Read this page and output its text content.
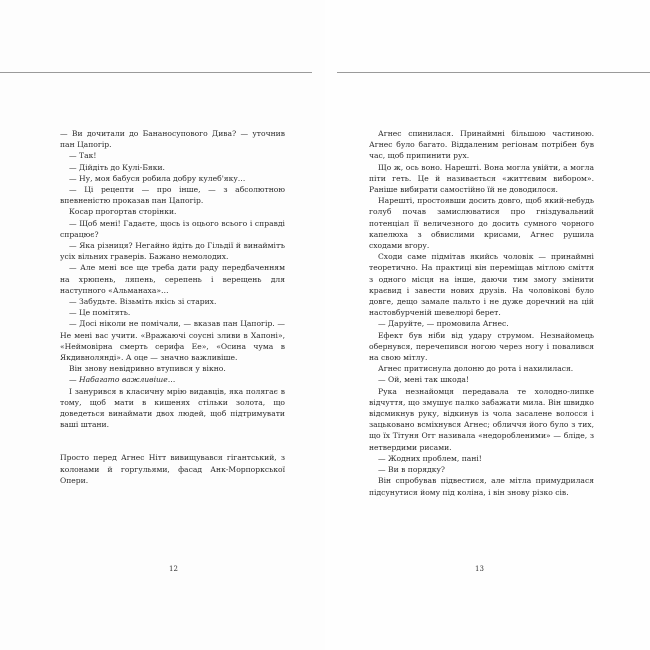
— Ви дочитали до Бананосупового Дива? — уточнив пан Цапогір.

— Так!

— Дійдіть до Кулі-Бяки.

— Ну, моя бабуся робила добру кулеб'яку…

— Ці рецепти — про інше, — з абсолютною впевненістю проказав пан Цапогір.

Косар прогортав сторінки.

— Щоб мені! Гадаєте, щось із оцього всього і справді спрацює?

— Яка різниця? Негайно йдіть до Гільдії й винаймітъ усіх вільних граверів. Бажано немолодих.

— Але мені все ще треба дати раду передбаченням на хрюпень, ляпень, серепень і верещень для наступного «Альманаха»…

— Забудьте. Візьміть якісь зі старих.

— Це помітять.

— Досі ніколи не помічали, — вказав пан Цапогір. — Не мені вас учити. «Вражаючі соусні зливи в Хапоні», «Неймовірна смерть серифа Ее», «Осина чума в Якдивнолянді». А оце — значно важливіше.

Він знову невідривно втупився у вікно.

— Набагато важливіше…

І занурився в класичну мрію видавців, яка полягає в тому, щоб мати в кишенях стільки золота, що доведеться винаймати двох людей, щоб підтримувати ваші штани.

Просто перед Агнес Нітт вивищувався гігантський, з колонами й горгульями, фасад Анк-Морпоркської Опери.

12

Агнес спинилася. Принаймні більшою частиною. Агнес було багато. Віддаленим регіонам потрібен був час, щоб припинити рух.

Що ж, ось воно. Нарешті. Вона могла увійти, а могла піти геть. Це й називається «життєвим вибором». Раніше вибирати самостійно їй не доводилося.

Нарешті, простоявши досить довго, щоб який-небудь голуб почав замислюватися про гніздувальний потенціал її величезного до досить сумного чорного капелюха з обвислими крисами, Агнес рушила сходами вгору.

Сходи саме підмітав якийсь чоловік — принаймні теоретично. На практиці він переміщав мітлою сміття з одного місця на інше, даючи тим змогу змінити краєвид і завести нових друзів. На чоловікові було довге, дещо замале пальто і не дуже доречний на цій настовбурченій шевелюрі берет.

— Даруйте, — промовила Агнес.

Ефект був ніби від удару струмом. Незнайомець обернувся, перечепився ногою через ногу і повалився на свою мітлу.

Агнес притиснула долоню до рота і нахилилася.

— Ой, мені так шкода!

Рука незнайомця передавала те холодно-липке відчуття, що змушує палко забажати мила. Він швидко відсмикнув руку, відкинув із чола засалене волосся і зацьковано всміхнувся Агнес; обличчя його було з тих, що їх Тітуня Огг називала «недоробленими» — бліде, з нетвердими рисами.

— Жодних проблем, пані!

— Ви в порядку?

Він спробував підвестися, але мітла примудрилася підсунутися йому під коліна, і він знову різко сів.

13
